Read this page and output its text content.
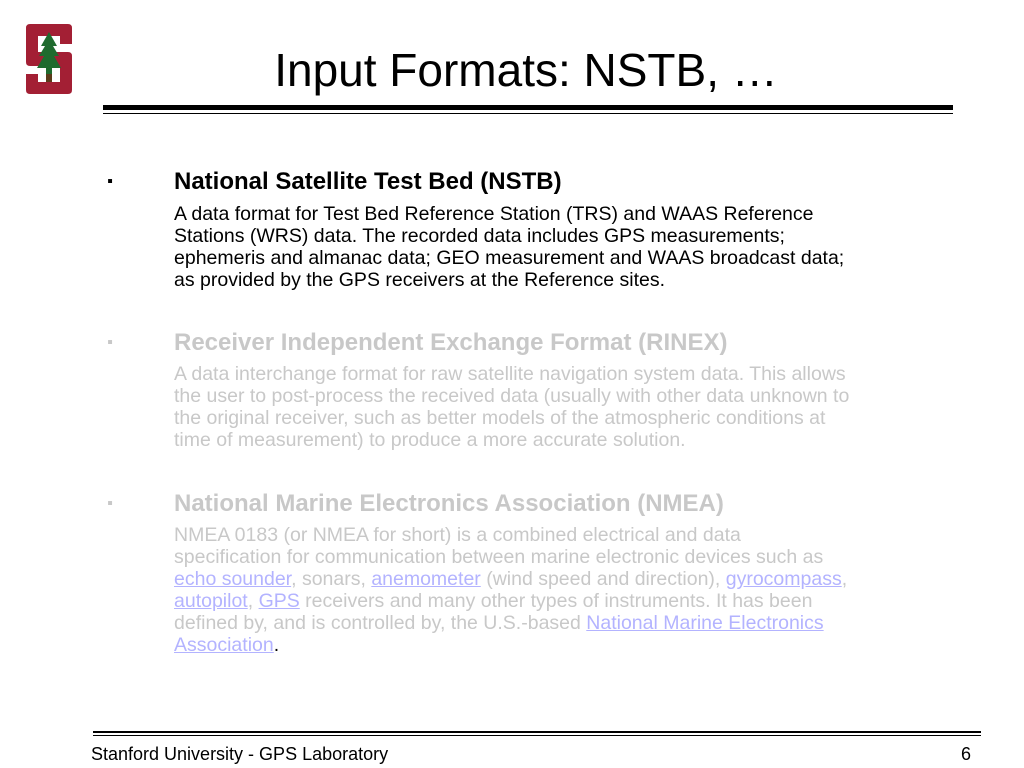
Input Formats: NSTB, …
▪	National Satellite Test Bed (NSTB)

A data format for Test Bed Reference Station (TRS) and WAAS Reference
Stations (WRS) data. The recorded data includes GPS measurements;
ephemeris and almanac data; GEO measurement and WAAS broadcast data;
as provided by the GPS receivers at the Reference sites.

▪	Receiver Independent Exchange Format (RINEX)

A data interchange format for raw satellite navigation system data. This allows
the user to post-process the received data (usually with other data unknown to
the original receiver, such as better models of the atmospheric conditions at
time of measurement) to produce a more accurate solution.

▪	National Marine Electronics Association (NMEA)

NMEA 0183 (or NMEA for short) is a combined electrical and data
specification for communication between marine electronic devices such as
echo sounder, sonars, anemometer (wind speed and direction), gyrocompass,
autopilot, GPS receivers and many other types of instruments. It has been
defined by, and is controlled by, the U.S.-based National Marine Electronics
Association.

Stanford University - GPS Laboratory	6
